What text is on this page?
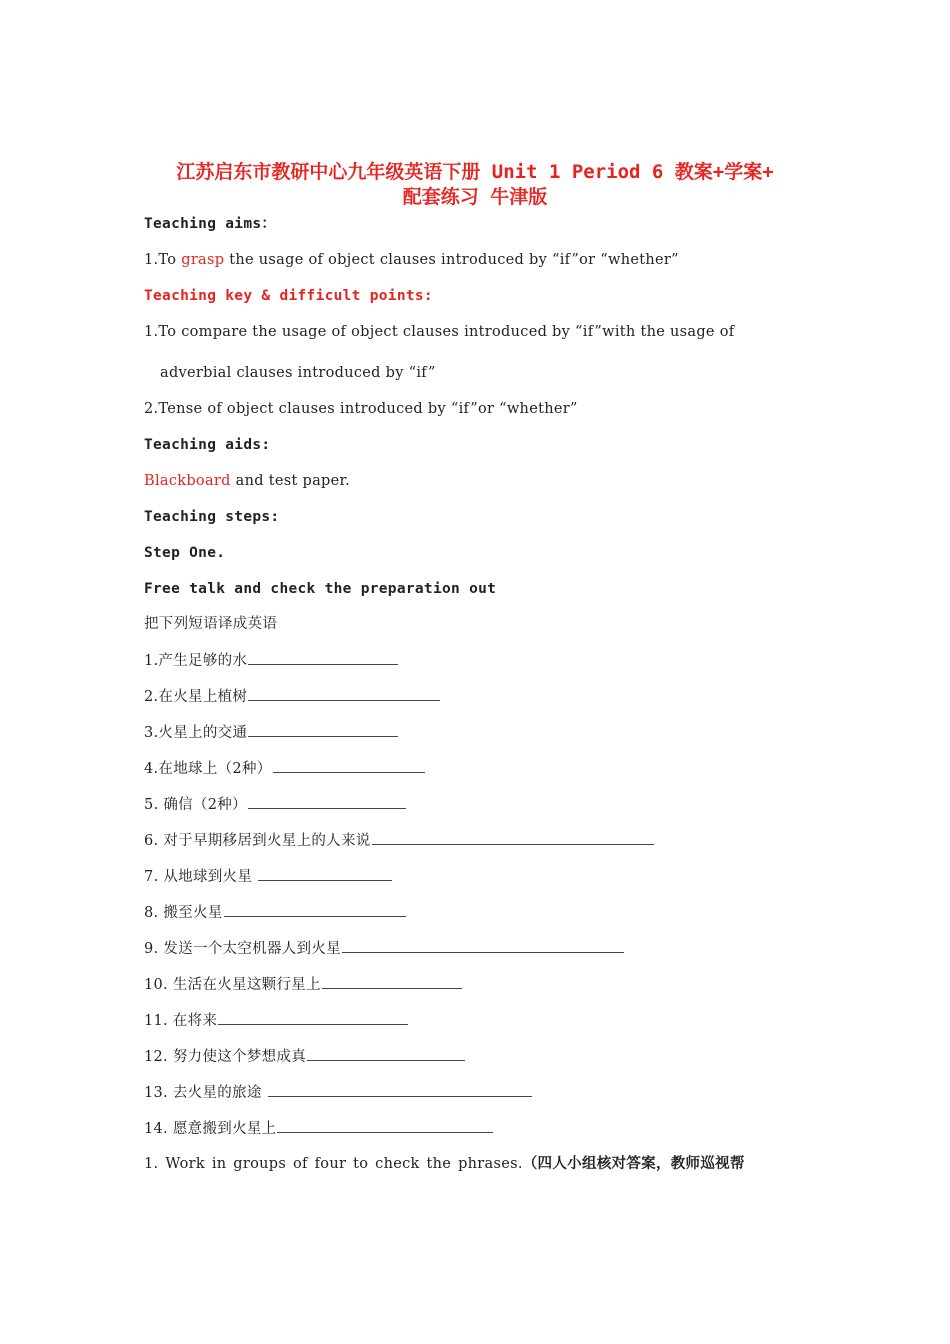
江苏启东市教研中心九年级英语下册 Unit 1 Period 6 教案+学案+

配套练习 牛津版

Teaching aims：
1.To grasp the usage of object clauses introduced by “if”or “whether”
Teaching key & difficult points:
1.To compare the usage of object clauses introduced by “if”with the usage of
adverbial clauses introduced by “if”
2.Tense of object clauses introduced by “if”or “whether”
Teaching aids:
Blackboard and test paper.
Teaching steps:
Step One.
Free talk and check the preparation out
把下列短语译成英语
1.产生足够的水
2.在火星上植树
3.火星上的交通
4.在地球上（2种）
5. 确信（2种）
6. 对于早期移居到火星上的人来说
7. 从地球到火星
8. 搬至火星
9. 发送一个太空机器人到火星
10. 生活在火星这颗行星上
11. 在将来
12. 努力使这个梦想成真
13. 去火星的旅途
14. 愿意搬到火星上
1. Work in groups of four to check the phrases.（四人小组核对答案，教师巡视帮
